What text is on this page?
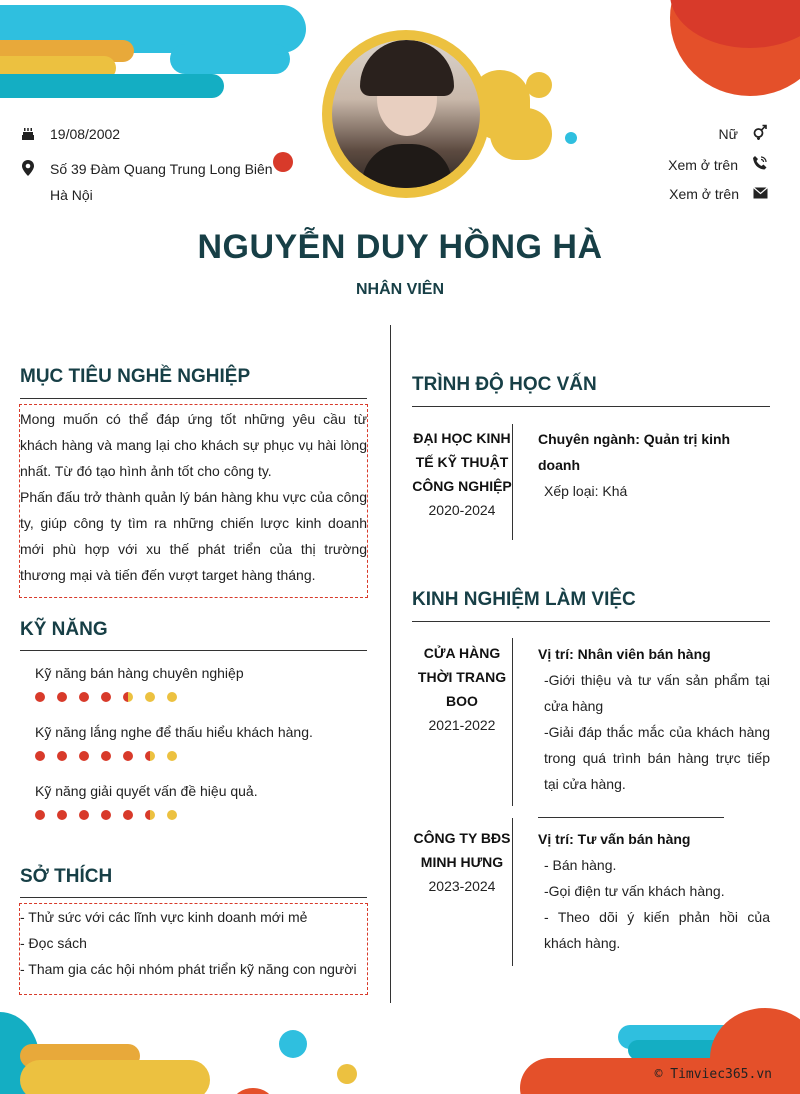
19/08/2002
Số 39 Đàm Quang Trung Long Biên
Hà Nội
Nữ
Xem ở trên
Xem ở trên
NGUYỄN DUY HỒNG HÀ
NHÂN VIÊN
MỤC TIÊU NGHỀ NGHIỆP
Mong muốn có thể đáp ứng tốt những yêu cầu từ khách hàng và mang lại cho khách sự phục vụ hài lòng nhất. Từ đó tạo hình ảnh tốt cho công ty.
Phấn đấu trở thành quản lý bán hàng khu vực của công ty, giúp công ty tìm ra những chiến lược kinh doanh mới phù hợp với xu thế phát triển của thị trường thương mại và tiến đến vượt target hàng tháng.
KỸ NĂNG
Kỹ năng bán hàng chuyên nghiệp
Kỹ năng lắng nghe để thấu hiểu khách hàng.
Kỹ năng giải quyết vấn đề hiệu quả.
SỞ THÍCH
- Thử sức với các lĩnh vực kinh doanh mới mẻ
- Đọc sách
- Tham gia các hội nhóm phát triển kỹ năng con người
TRÌNH ĐỘ HỌC VẤN
ĐẠI HỌC KINH
TẾ KỸ THUẬT
CÔNG NGHIỆP
2020-2024
Chuyên ngành: Quản trị kinh doanh
Xếp loại: Khá
KINH NGHIỆM LÀM VIỆC
CỬA HÀNG
THỜI TRANG
BOO
2021-2022
Vị trí: Nhân viên bán hàng
-Giới thiệu và tư vấn sản phẩm tại cửa hàng
-Giải đáp thắc mắc của khách hàng trong quá trình bán hàng trực tiếp tại cửa hàng.
CÔNG TY BĐS
MINH HƯNG
2023-2024
Vị trí: Tư vấn bán hàng
- Bán hàng.
-Gọi điện tư vấn khách hàng.
- Theo dõi ý kiến phản hồi của khách hàng.
© Timviec365.vn
